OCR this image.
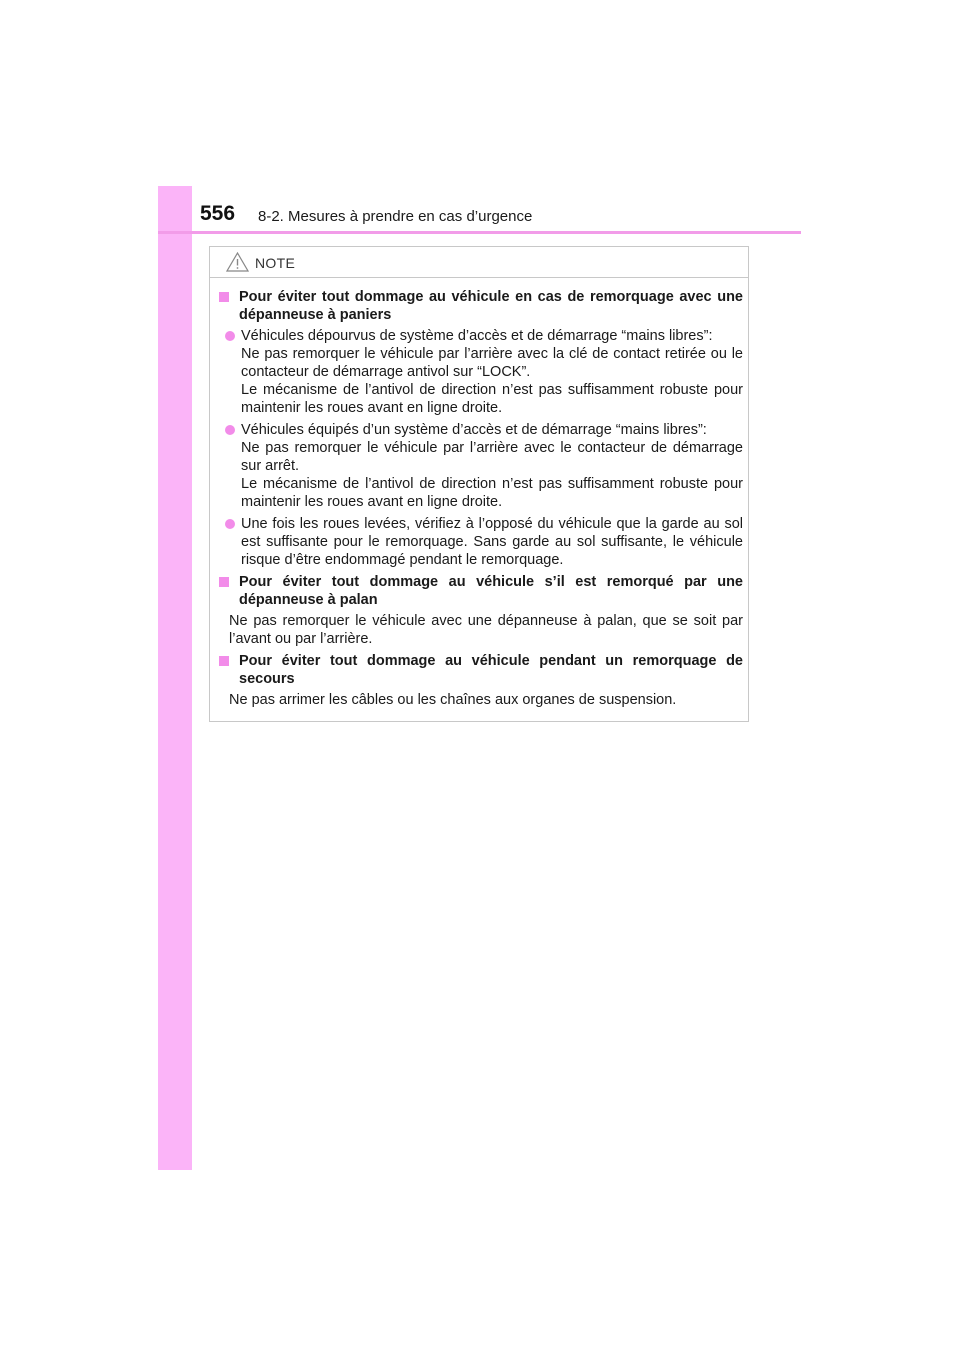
556 8-2. Mesures à prendre en cas d’urgence
NOTE
Pour éviter tout dommage au véhicule en cas de remorquage avec une dépanneuse à paniers

Véhicules dépourvus de système d’accès et de démarrage “mains libres”:

Ne pas remorquer le véhicule par l’arrière avec la clé de contact retirée ou le contacteur de démarrage antivol sur “LOCK”.

Le mécanisme de l’antivol de direction n’est pas suffisamment robuste pour maintenir les roues avant en ligne droite.

Véhicules équipés d’un système d’accès et de démarrage “mains libres”:

Ne pas remorquer le véhicule par l’arrière avec le contacteur de démarrage sur arrêt.

Le mécanisme de l’antivol de direction n’est pas suffisamment robuste pour maintenir les roues avant en ligne droite.

Une fois les roues levées, vérifiez à l’opposé du véhicule que la garde au sol est suffisante pour le remorquage. Sans garde au sol suffisante, le véhicule risque d’être endommagé pendant le remorquage.

Pour éviter tout dommage au véhicule s’il est remorqué par une dépanneuse à palan

Ne pas remorquer le véhicule avec une dépanneuse à palan, que se soit par l’avant ou par l’arrière.

Pour éviter tout dommage au véhicule pendant un remorquage de secours

Ne pas arrimer les câbles ou les chaînes aux organes de suspension.
